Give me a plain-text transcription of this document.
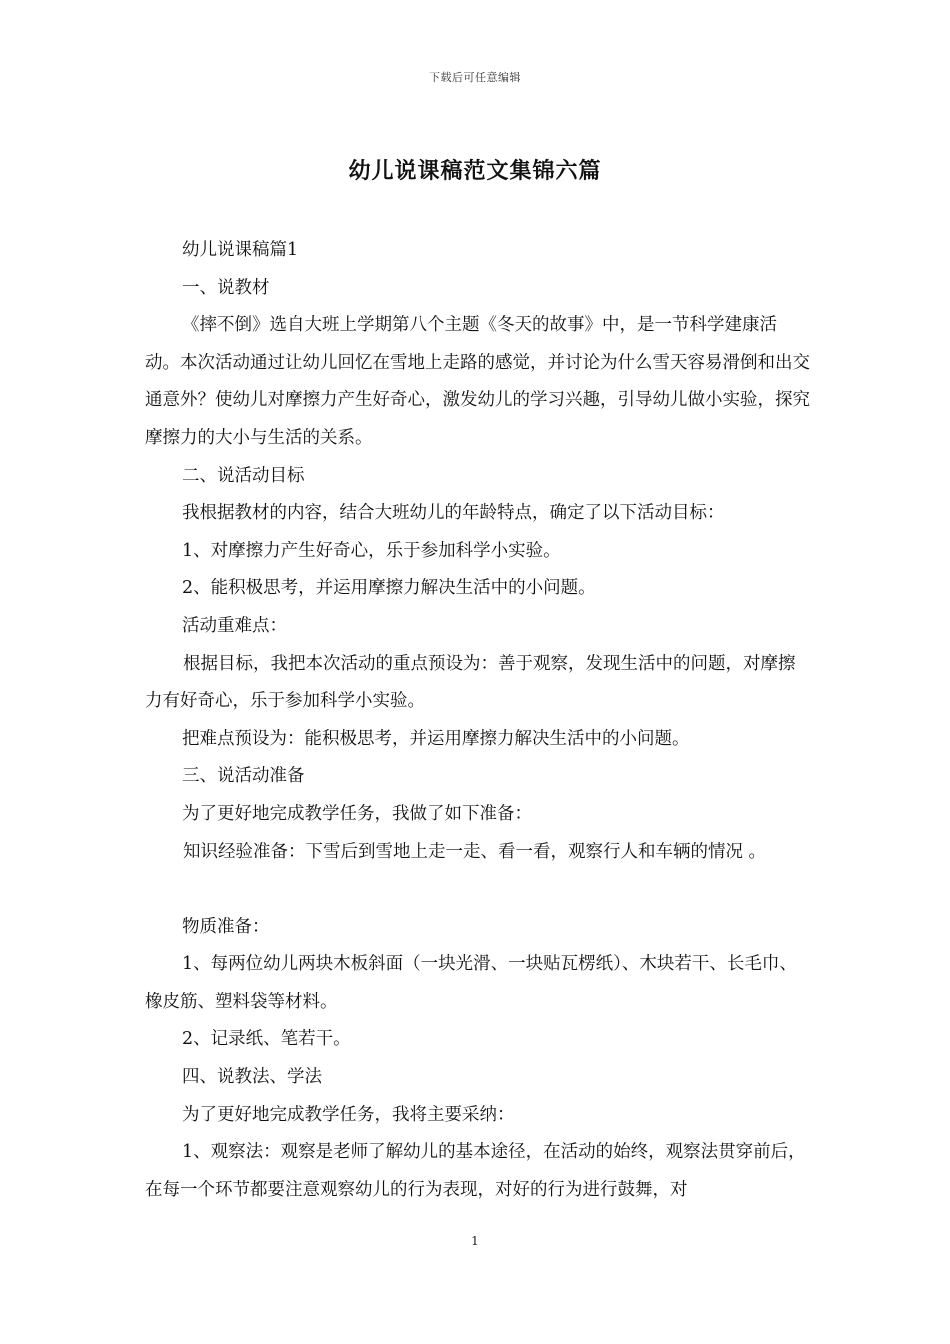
下载后可任意编辑
幼儿说课稿范文集锦六篇

幼儿说课稿篇1

一、说教材

《摔不倒》选自大班上学期第八个主题《冬天的故事》中，是一节科学建康活动。本次活动通过让幼儿回忆在雪地上走路的感觉，并讨论为什么雪天容易滑倒和出交通意外？使幼儿对摩擦力产生好奇心，激发幼儿的学习兴趣，引导幼儿做小实验，探究摩擦力的大小与生活的关系。

二、说活动目标

我根据教材的内容，结合大班幼儿的年龄特点，确定了以下活动目标：

1、对摩擦力产生好奇心，乐于参加科学小实验。

2、能积极思考，并运用摩擦力解决生活中的小问题。

活动重难点：

根据目标，我把本次活动的重点预设为：善于观察，发现生活中的问题，对摩擦力有好奇心，乐于参加科学小实验。

把难点预设为：能积极思考，并运用摩擦力解决生活中的小问题。

三、说活动准备

为了更好地完成教学任务，我做了如下准备：

知识经验准备：下雪后到雪地上走一走、看一看，观察行人和车辆的情况 。

物质准备：

1、每两位幼儿两块木板斜面（一块光滑、一块贴瓦楞纸）、木块若干、长毛巾、橡皮筋、塑料袋等材料。

2、记录纸、笔若干。

四、说教法、学法

为了更好地完成教学任务，我将主要采纳：

1、观察法：观察是老师了解幼儿的基本途径，在活动的始终，观察法贯穿前后，在每一个环节都要注意观察幼儿的行为表现，对好的行为进行鼓舞，对

1
